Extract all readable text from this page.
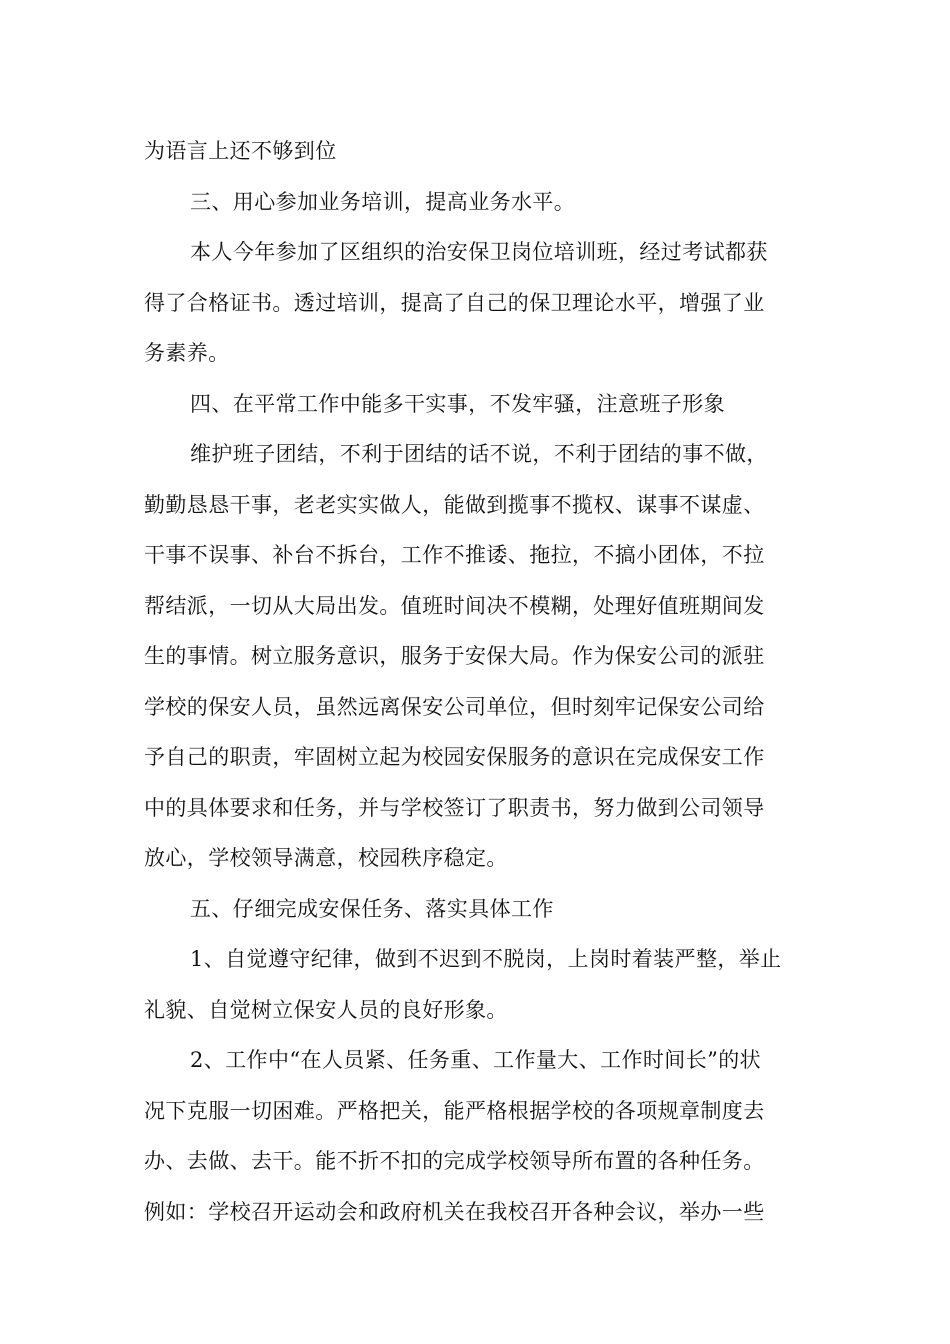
为语言上还不够到位

三、用心参加业务培训，提高业务水平。

本人今年参加了区组织的治安保卫岗位培训班，经过考试都获
得了合格证书。透过培训，提高了自己的保卫理论水平，增强了业
务素养。

四、在平常工作中能多干实事，不发牢骚，注意班子形象

维护班子团结，不利于团结的话不说，不利于团结的事不做，
勤勤恳恳干事，老老实实做人，能做到揽事不揽权、谋事不谋虚、
干事不误事、补台不拆台，工作不推诿、拖拉，不搞小团体，不拉
帮结派，一切从大局出发。值班时间决不模糊，处理好值班期间发
生的事情。树立服务意识，服务于安保大局。作为保安公司的派驻
学校的保安人员，虽然远离保安公司单位，但时刻牢记保安公司给
予自己的职责，牢固树立起为校园安保服务的意识在完成保安工作
中的具体要求和任务，并与学校签订了职责书，努力做到公司领导
放心，学校领导满意，校园秩序稳定。

五、仔细完成安保任务、落实具体工作

1、自觉遵守纪律，做到不迟到不脱岗，上岗时着装严整，举止
礼貌、自觉树立保安人员的良好形象。

2、工作中“在人员紧、任务重、工作量大、工作时间长”的状
况下克服一切困难。严格把关，能严格根据学校的各项规章制度去
办、去做、去干。能不折不扣的完成学校领导所布置的各种任务。
例如：学校召开运动会和政府机关在我校召开各种会议，举办一些
